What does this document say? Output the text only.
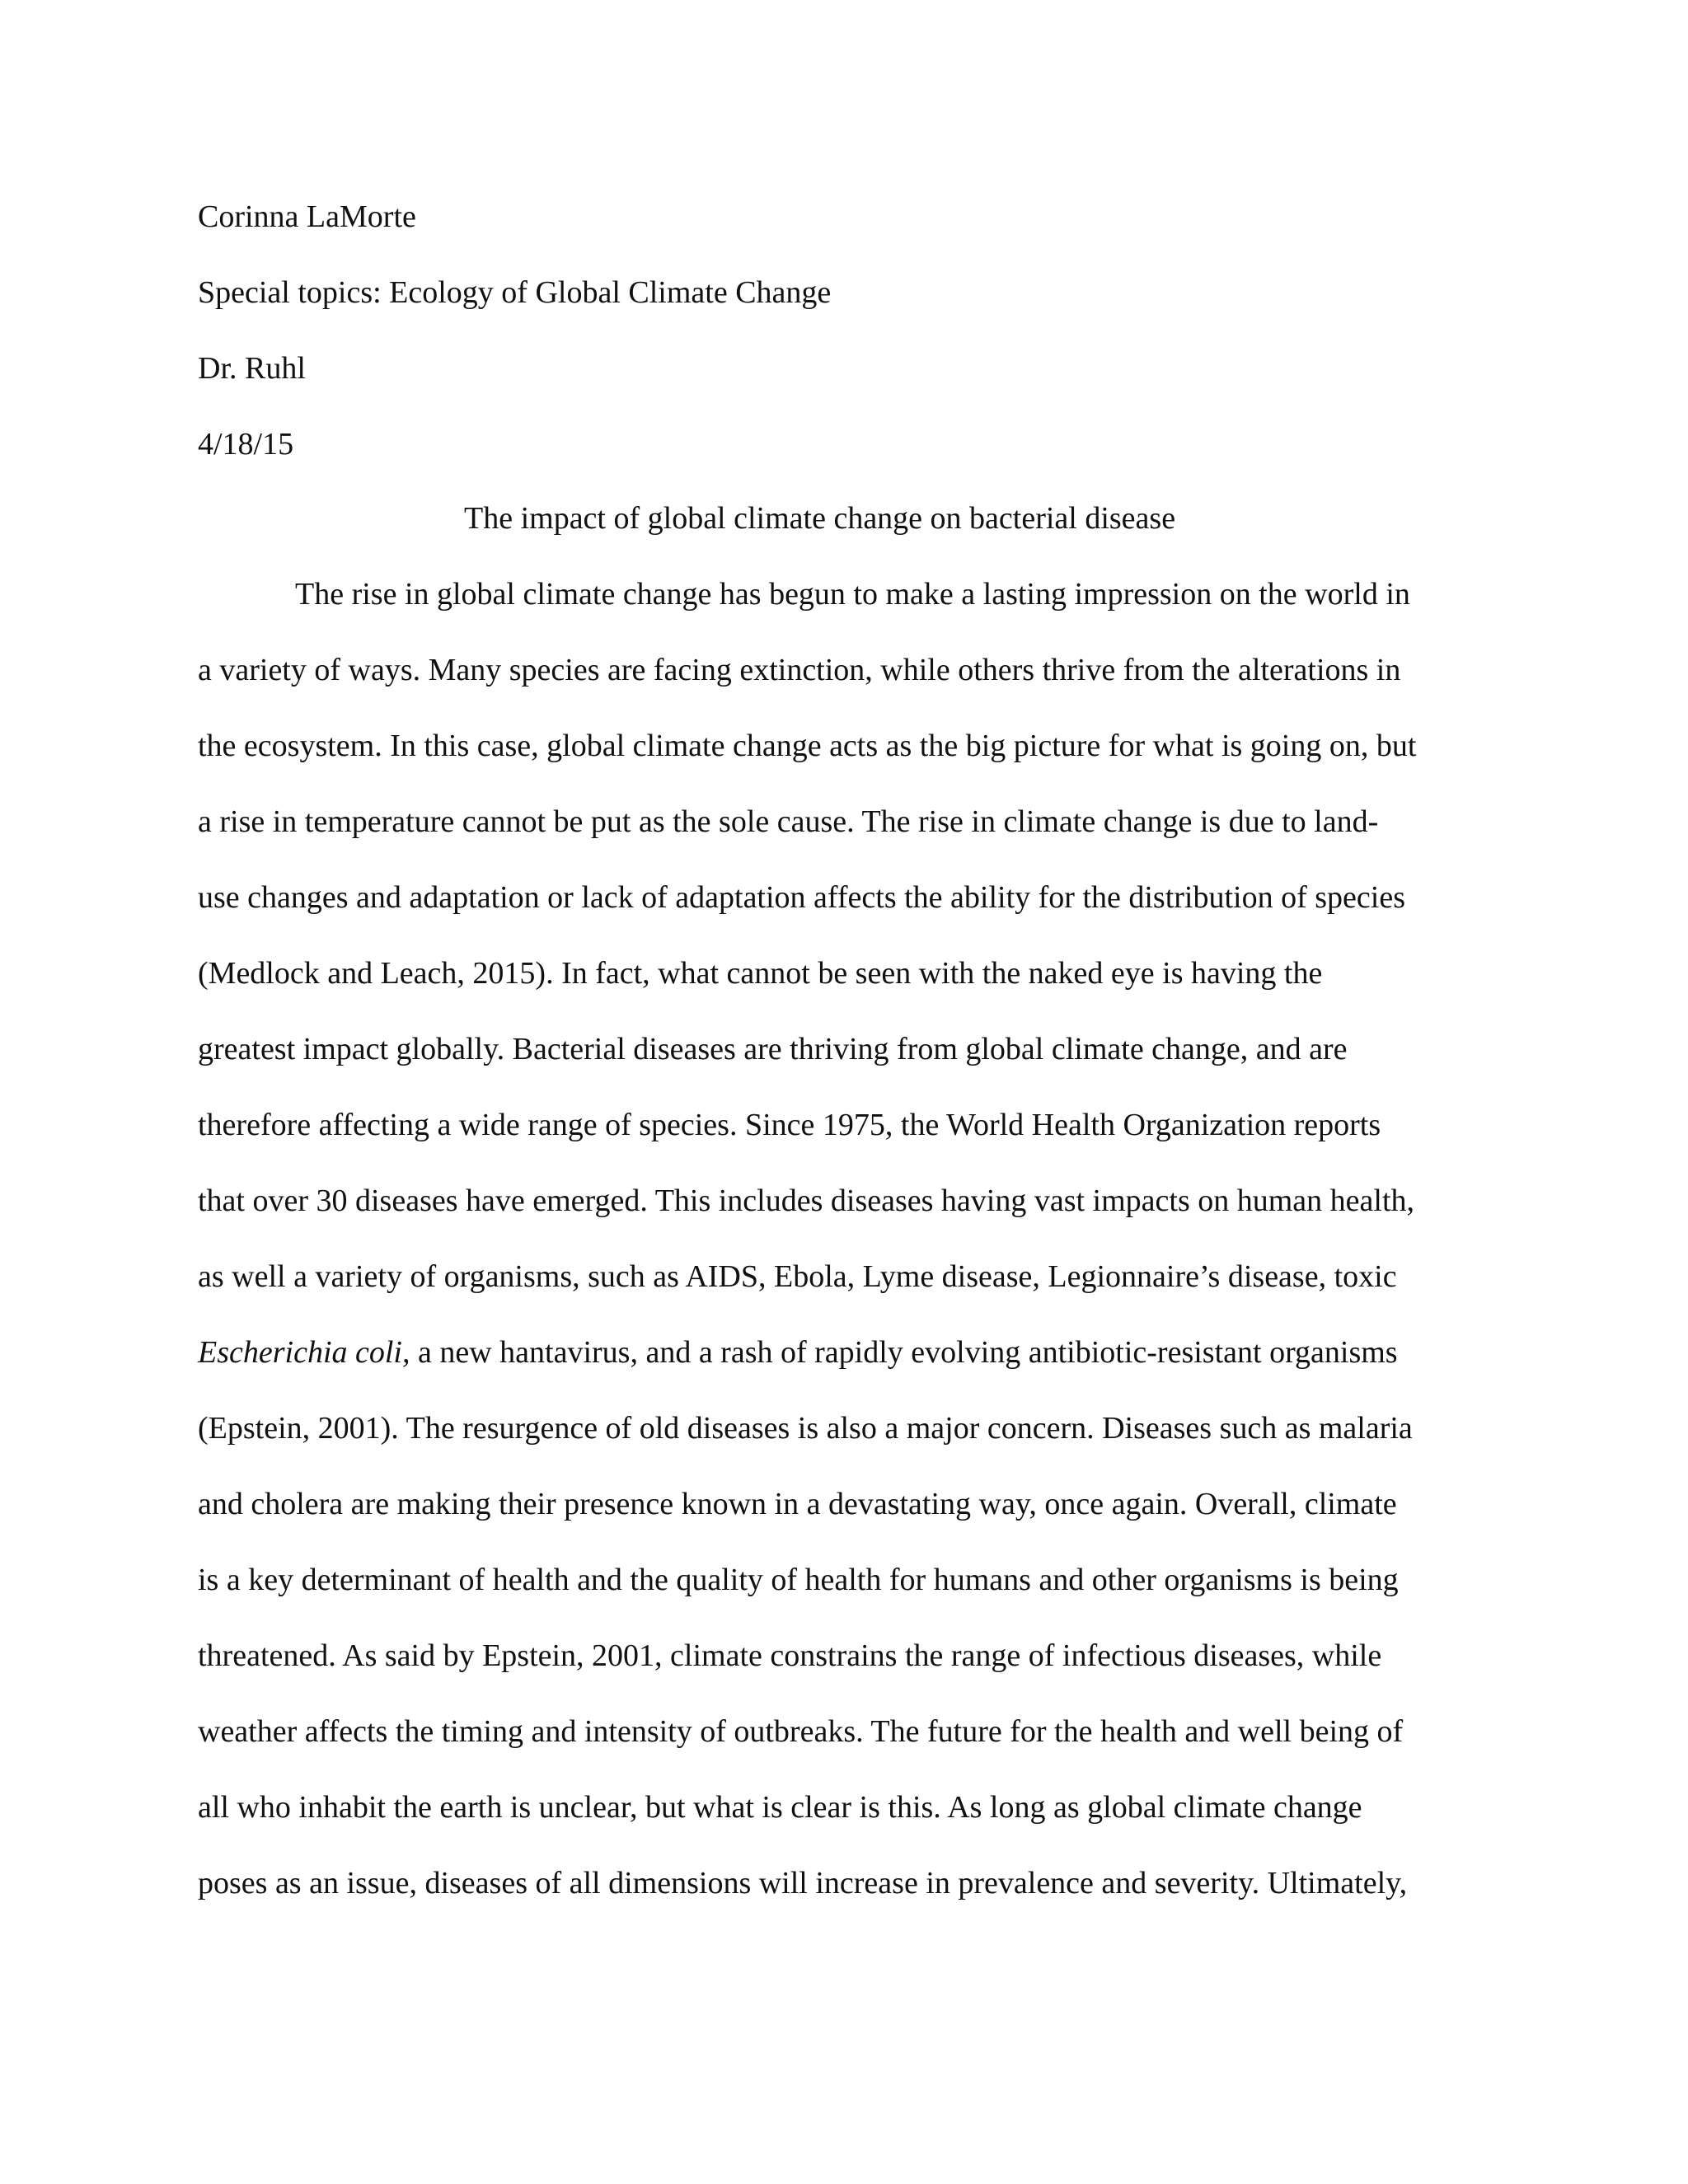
Corinna LaMorte
Special topics: Ecology of Global Climate Change
Dr. Ruhl
4/18/15
The impact of global climate change on bacterial disease
The rise in global climate change has begun to make a lasting impression on the world in
a variety of ways. Many species are facing extinction, while others thrive from the alterations in
the ecosystem. In this case, global climate change acts as the big picture for what is going on, but
a rise in temperature cannot be put as the sole cause. The rise in climate change is due to land-
use changes and adaptation or lack of adaptation affects the ability for the distribution of species
(Medlock and Leach, 2015). In fact, what cannot be seen with the naked eye is having the
greatest impact globally. Bacterial diseases are thriving from global climate change, and are
therefore affecting a wide range of species. Since 1975, the World Health Organization reports
that over 30 diseases have emerged. This includes diseases having vast impacts on human health,
as well a variety of organisms, such as AIDS, Ebola, Lyme disease, Legionnaire’s disease, toxic
Escherichia coli, a new hantavirus, and a rash of rapidly evolving antibiotic-resistant organisms
(Epstein, 2001). The resurgence of old diseases is also a major concern. Diseases such as malaria
and cholera are making their presence known in a devastating way, once again. Overall, climate
is a key determinant of health and the quality of health for humans and other organisms is being
threatened. As said by Epstein, 2001, climate constrains the range of infectious diseases, while
weather affects the timing and intensity of outbreaks. The future for the health and well being of
all who inhabit the earth is unclear, but what is clear is this. As long as global climate change
poses as an issue, diseases of all dimensions will increase in prevalence and severity. Ultimately,
